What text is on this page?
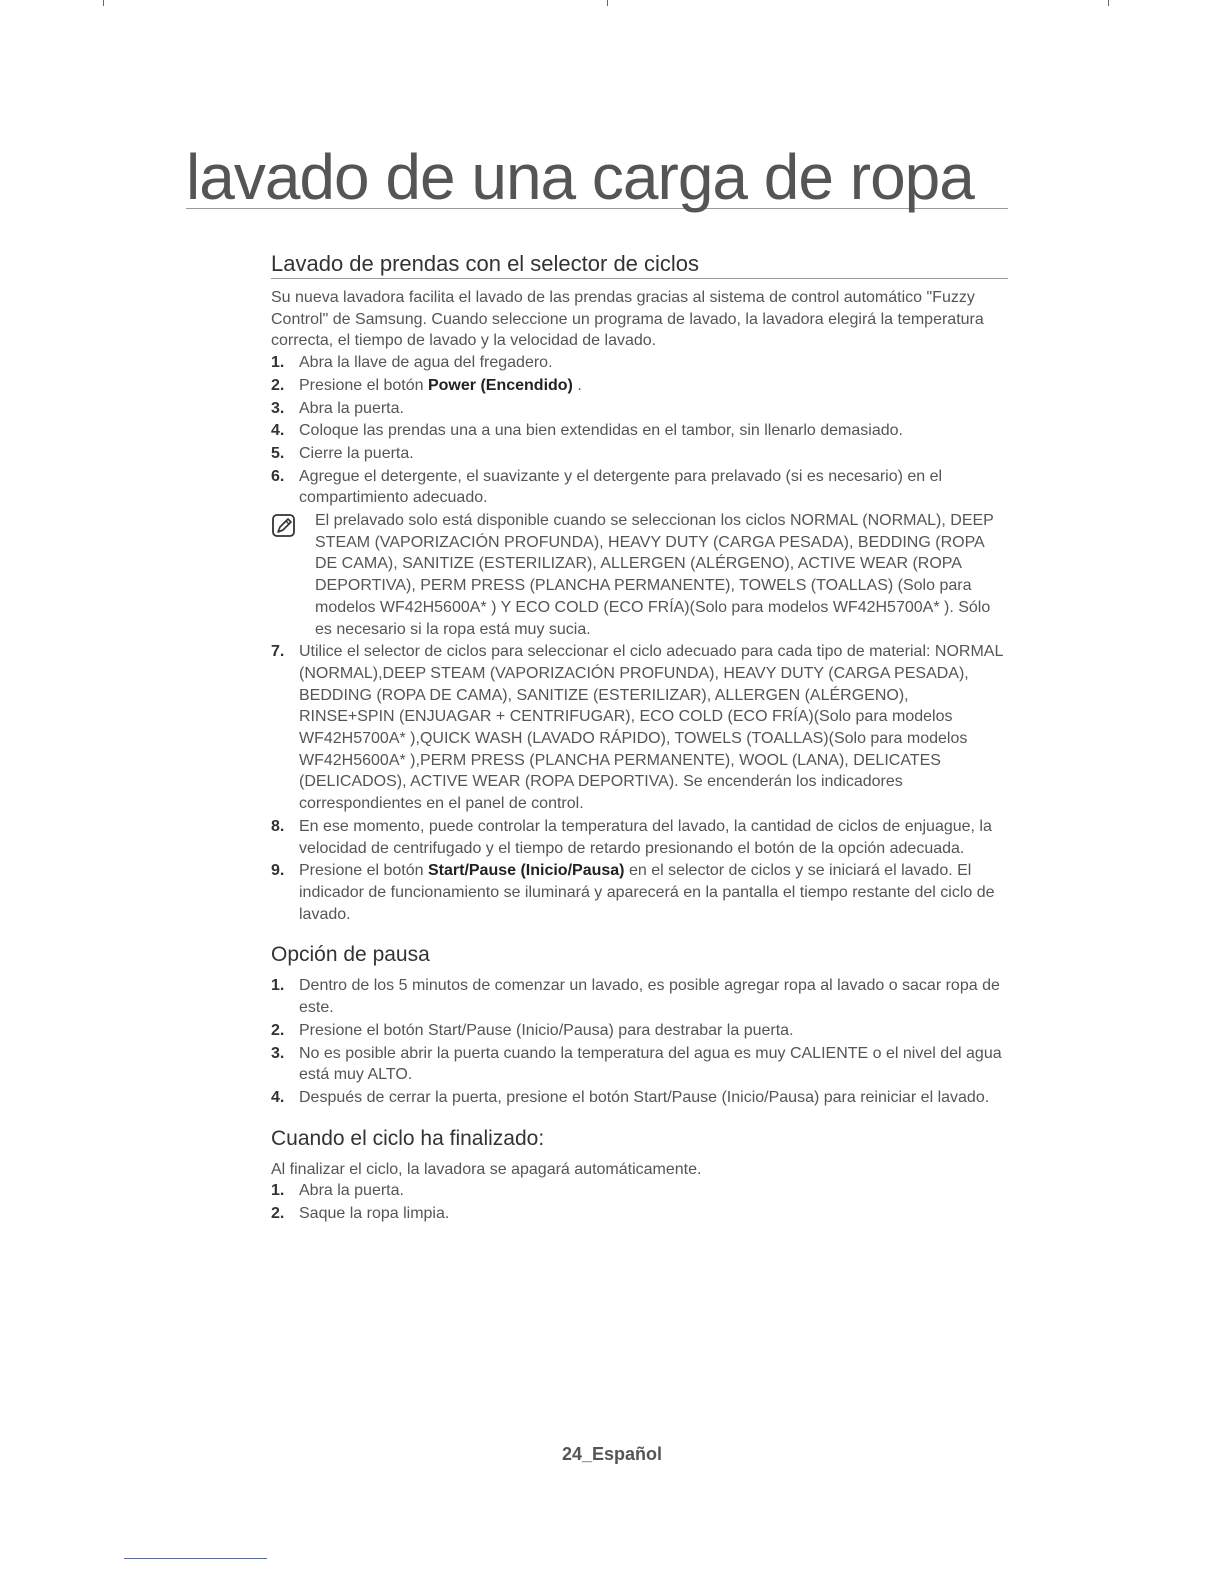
lavado de una carga de ropa
Lavado de prendas con el selector de ciclos

Su nueva lavadora facilita el lavado de las prendas gracias al sistema de control automático "Fuzzy Control" de Samsung. Cuando seleccione un programa de lavado, la lavadora elegirá la temperatura correcta, el tiempo de lavado y la velocidad de lavado.

1. Abra la llave de agua del fregadero.
2. Presione el botón Power (Encendido) .
3. Abra la puerta.
4. Coloque las prendas una a una bien extendidas en el tambor, sin llenarlo demasiado.
5. Cierre la puerta.
6. Agregue el detergente, el suavizante y el detergente para prelavado (si es necesario) en el compartimiento adecuado.
El prelavado solo está disponible cuando se seleccionan los ciclos NORMAL (NORMAL), DEEP STEAM (VAPORIZACIÓN PROFUNDA), HEAVY DUTY (CARGA PESADA), BEDDING (ROPA DE CAMA), SANITIZE (ESTERILIZAR), ALLERGEN (ALÉRGENO), ACTIVE WEAR (ROPA DEPORTIVA), PERM PRESS (PLANCHA PERMANENTE), TOWELS (TOALLAS) (Solo para modelos WF42H5600A* ) Y ECO COLD (ECO FRÍA)(Solo para modelos WF42H5700A* ). Sólo es necesario si la ropa está muy sucia.
7. Utilice el selector de ciclos para seleccionar el ciclo adecuado para cada tipo de material: NORMAL (NORMAL),DEEP STEAM (VAPORIZACIÓN PROFUNDA), HEAVY DUTY (CARGA PESADA), BEDDING (ROPA DE CAMA), SANITIZE (ESTERILIZAR), ALLERGEN (ALÉRGENO), RINSE+SPIN (ENJUAGAR + CENTRIFUGAR), ECO COLD (ECO FRÍA)(Solo para modelos WF42H5700A* ),QUICK WASH (LAVADO RÁPIDO), TOWELS (TOALLAS)(Solo para modelos WF42H5600A* ),PERM PRESS (PLANCHA PERMANENTE), WOOL (LANA), DELICATES (DELICADOS), ACTIVE WEAR (ROPA DEPORTIVA). Se encenderán los indicadores correspondientes en el panel de control.
8. En ese momento, puede controlar la temperatura del lavado, la cantidad de ciclos de enjuague, la velocidad de centrifugado y el tiempo de retardo presionando el botón de la opción adecuada.
9. Presione el botón Start/Pause (Inicio/Pausa) en el selector de ciclos y se iniciará el lavado. El indicador de funcionamiento se iluminará y aparecerá en la pantalla el tiempo restante del ciclo de lavado.
Opción de pausa
1. Dentro de los 5 minutos de comenzar un lavado, es posible agregar ropa al lavado o sacar ropa de este.
2. Presione el botón Start/Pause (Inicio/Pausa) para destrabar la puerta.
3. No es posible abrir la puerta cuando la temperatura del agua es muy CALIENTE o el nivel del agua está muy ALTO.
4. Después de cerrar la puerta, presione el botón Start/Pause (Inicio/Pausa) para reiniciar el lavado.
Cuando el ciclo ha finalizado:

Al finalizar el ciclo, la lavadora se apagará automáticamente.

1. Abra la puerta.
2. Saque la ropa limpia.
24_Español
